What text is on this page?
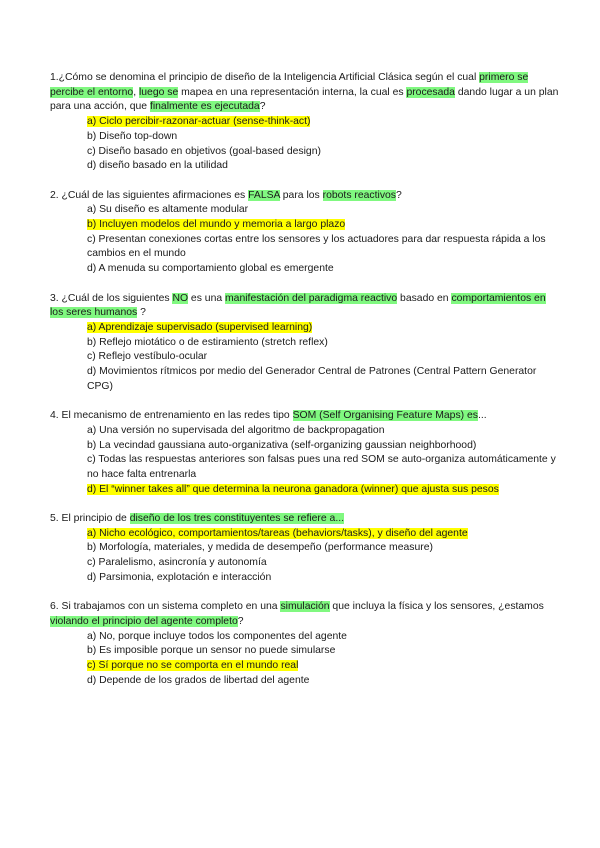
1.¿Cómo se denomina el principio de diseño de la Inteligencia Artificial Clásica según el cual primero se percibe el entorno, luego se mapea en una representación interna, la cual es procesada dando lugar a un plan para una acción, que finalmente es ejecutada?
a) Ciclo percibir-razonar-actuar (sense-think-act)
b) Diseño top-down
c) Diseño basado en objetivos (goal-based design)
d) diseño basado en la utilidad
2. ¿Cuál de las siguientes afirmaciones es FALSA para los robots reactivos?
a) Su diseño es altamente modular
b) Incluyen modelos del mundo y memoria a largo plazo
c) Presentan conexiones cortas entre los sensores y los actuadores para dar respuesta rápida a los cambios en el mundo
d) A menuda su comportamiento global es emergente
3. ¿Cuál de los siguientes NO es una manifestación del paradigma reactivo basado en comportamientos en los seres humanos ?
a) Aprendizaje supervisado (supervised learning)
b) Reflejo miotático o de estiramiento (stretch reflex)
c) Reflejo vestíbulo-ocular
d) Movimientos rítmicos por medio del Generador Central de Patrones (Central Pattern Generator CPG)
4. El mecanismo de entrenamiento en las redes tipo SOM (Self Organising Feature Maps) es...
a) Una versión no supervisada del algoritmo de backpropagation
b) La vecindad gaussiana auto-organizativa (self-organizing gaussian neighborhood)
c) Todas las respuestas anteriores son falsas pues una red SOM se auto-organiza automáticamente y no hace falta entrenarla
d) El “winner takes all” que determina la neurona ganadora (winner) que ajusta sus pesos
5. El principio de diseño de los tres constituyentes se refiere a...
a) Nicho ecológico, comportamientos/tareas (behaviors/tasks), y diseño del agente
b) Morfología, materiales, y medida de desempeño (performance measure)
c) Paralelismo, asincronía y autonomía
d) Parsimonia, explotación e interacción
6. Si trabajamos con un sistema completo en una simulación que incluya la física y los sensores, ¿estamos violando el principio del agente completo?
a) No, porque incluye todos los componentes del agente
b) Es imposible porque un sensor no puede simularse
c) Sí porque no se comporta en el mundo real
d) Depende de los grados de libertad del agente
